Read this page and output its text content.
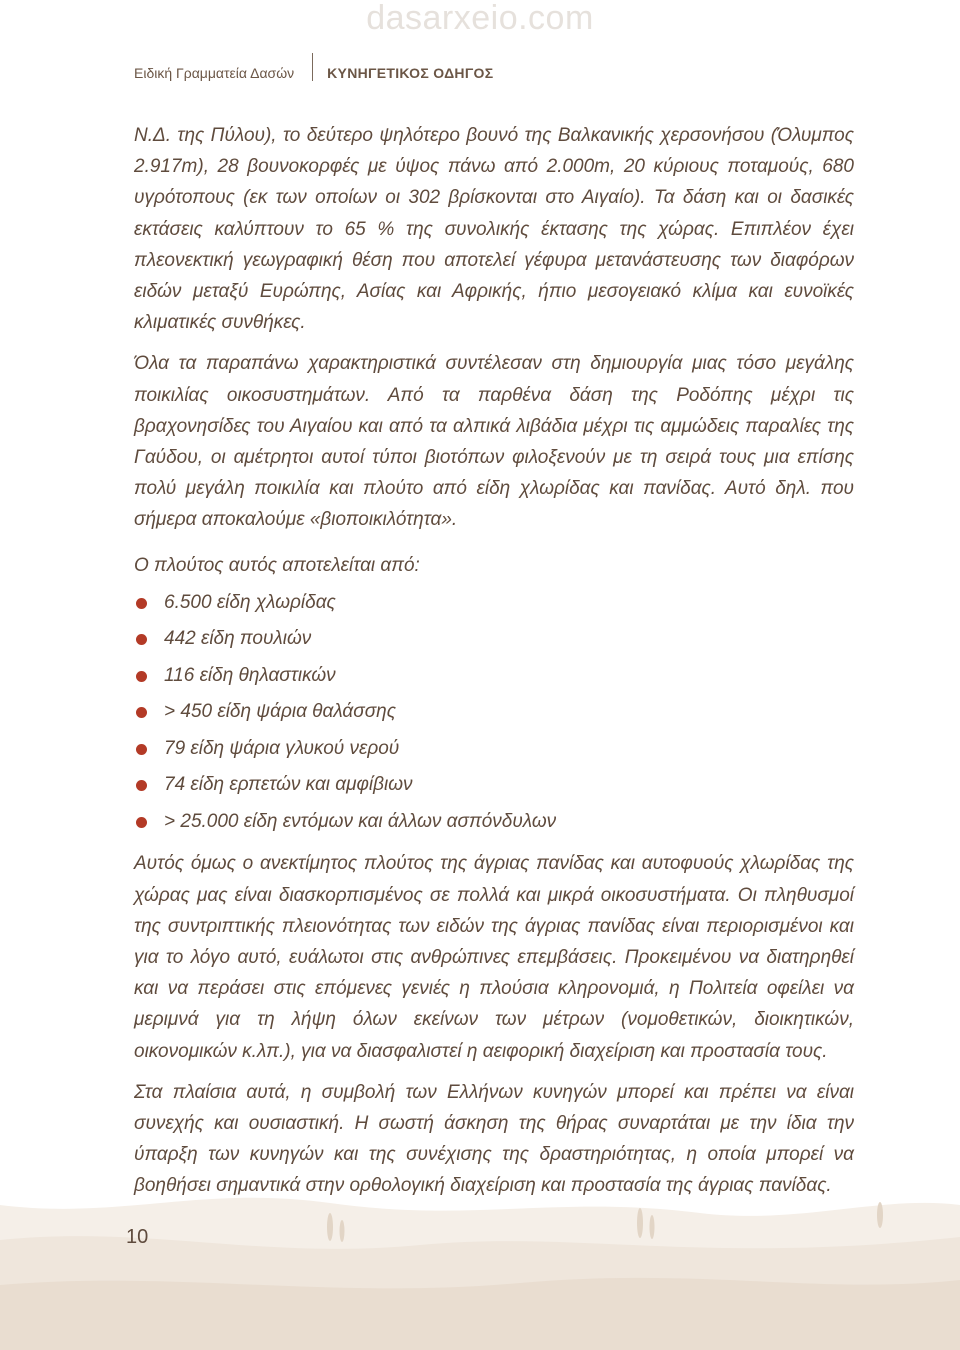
dasarxeio.com
Ειδική Γραμματεία Δασών ΚΥΝΗΓΕΤΙΚΟΣ ΟΔΗΓΟΣ

Ν.Δ. της Πύλου), το δεύτερο ψηλότερο βουνό της Βαλκανικής χερσονήσου (Όλυμπος 2.917m), 28 βουνοκορφές με ύψος πάνω από 2.000m, 20 κύριους ποταμούς, 680 υγρότοπους (εκ των οποίων οι 302 βρίσκονται στο Αιγαίο). Τα δάση και οι δασικές εκτάσεις καλύπτουν το 65 % της συνολικής έκτασης της χώρας. Επιπλέον έχει πλεονεκτική γεωγραφική θέση που αποτελεί γέφυρα μετανάστευσης των διαφόρων ειδών μεταξύ Ευρώπης, Ασίας και Αφρικής, ήπιο μεσογειακό κλίμα και ευνοϊκές κλιματικές συνθήκες.

Όλα τα παραπάνω χαρακτηριστικά συντέλεσαν στη δημιουργία μιας τόσο μεγάλης ποικιλίας οικοσυστημάτων. Από τα παρθένα δάση της Ροδόπης μέχρι τις βραχονησίδες του Αιγαίου και από τα αλπικά λιβάδια μέχρι τις αμμώδεις παραλίες της Γαύδου, οι αμέτρητοι αυτοί τύποι βιοτόπων φιλοξενούν με τη σειρά τους μια επίσης πολύ μεγάλη ποικιλία και πλούτο από είδη χλωρίδας και πανίδας. Αυτό δηλ. που σήμερα αποκαλούμε «βιοποικιλότητα».

Ο πλούτος αυτός αποτελείται από:

6.500 είδη χλωρίδας
442 είδη πουλιών
116 είδη θηλαστικών
> 450 είδη ψάρια θαλάσσης
79 είδη ψάρια γλυκού νερού
74 είδη ερπετών και αμφίβιων
> 25.000 είδη εντόμων και άλλων ασπόνδυλων

Αυτός όμως ο ανεκτίμητος πλούτος της άγριας πανίδας και αυτοφυούς χλωρίδας της χώρας μας είναι διασκορπισμένος σε πολλά και μικρά οικοσυστήματα. Οι πληθυσμοί της συντριπτικής πλειονότητας των ειδών της άγριας πανίδας είναι περιορισμένοι και για το λόγο αυτό, ευάλωτοι στις ανθρώπινες επεμβάσεις. Προκειμένου να διατηρηθεί και να περάσει στις επόμενες γενιές η πλούσια κληρονομιά, η Πολιτεία οφείλει να μεριμνά για τη λήψη όλων εκείνων των μέτρων (νομοθετικών, διοικητικών, οικονομικών κ.λπ.), για να διασφαλιστεί η αειφορική διαχείριση και προστασία τους.

Στα πλαίσια αυτά, η συμβολή των Ελλήνων κυνηγών μπορεί και πρέπει να είναι συνεχής και ουσιαστική. Η σωστή άσκηση της θήρας συναρτάται με την ίδια την ύπαρξη των κυνηγών και της συνέχισης της δραστηριότητας, η οποία μπορεί να βοηθήσει σημαντικά στην ορθολογική διαχείριση και προστασία της άγριας πανίδας.

10
